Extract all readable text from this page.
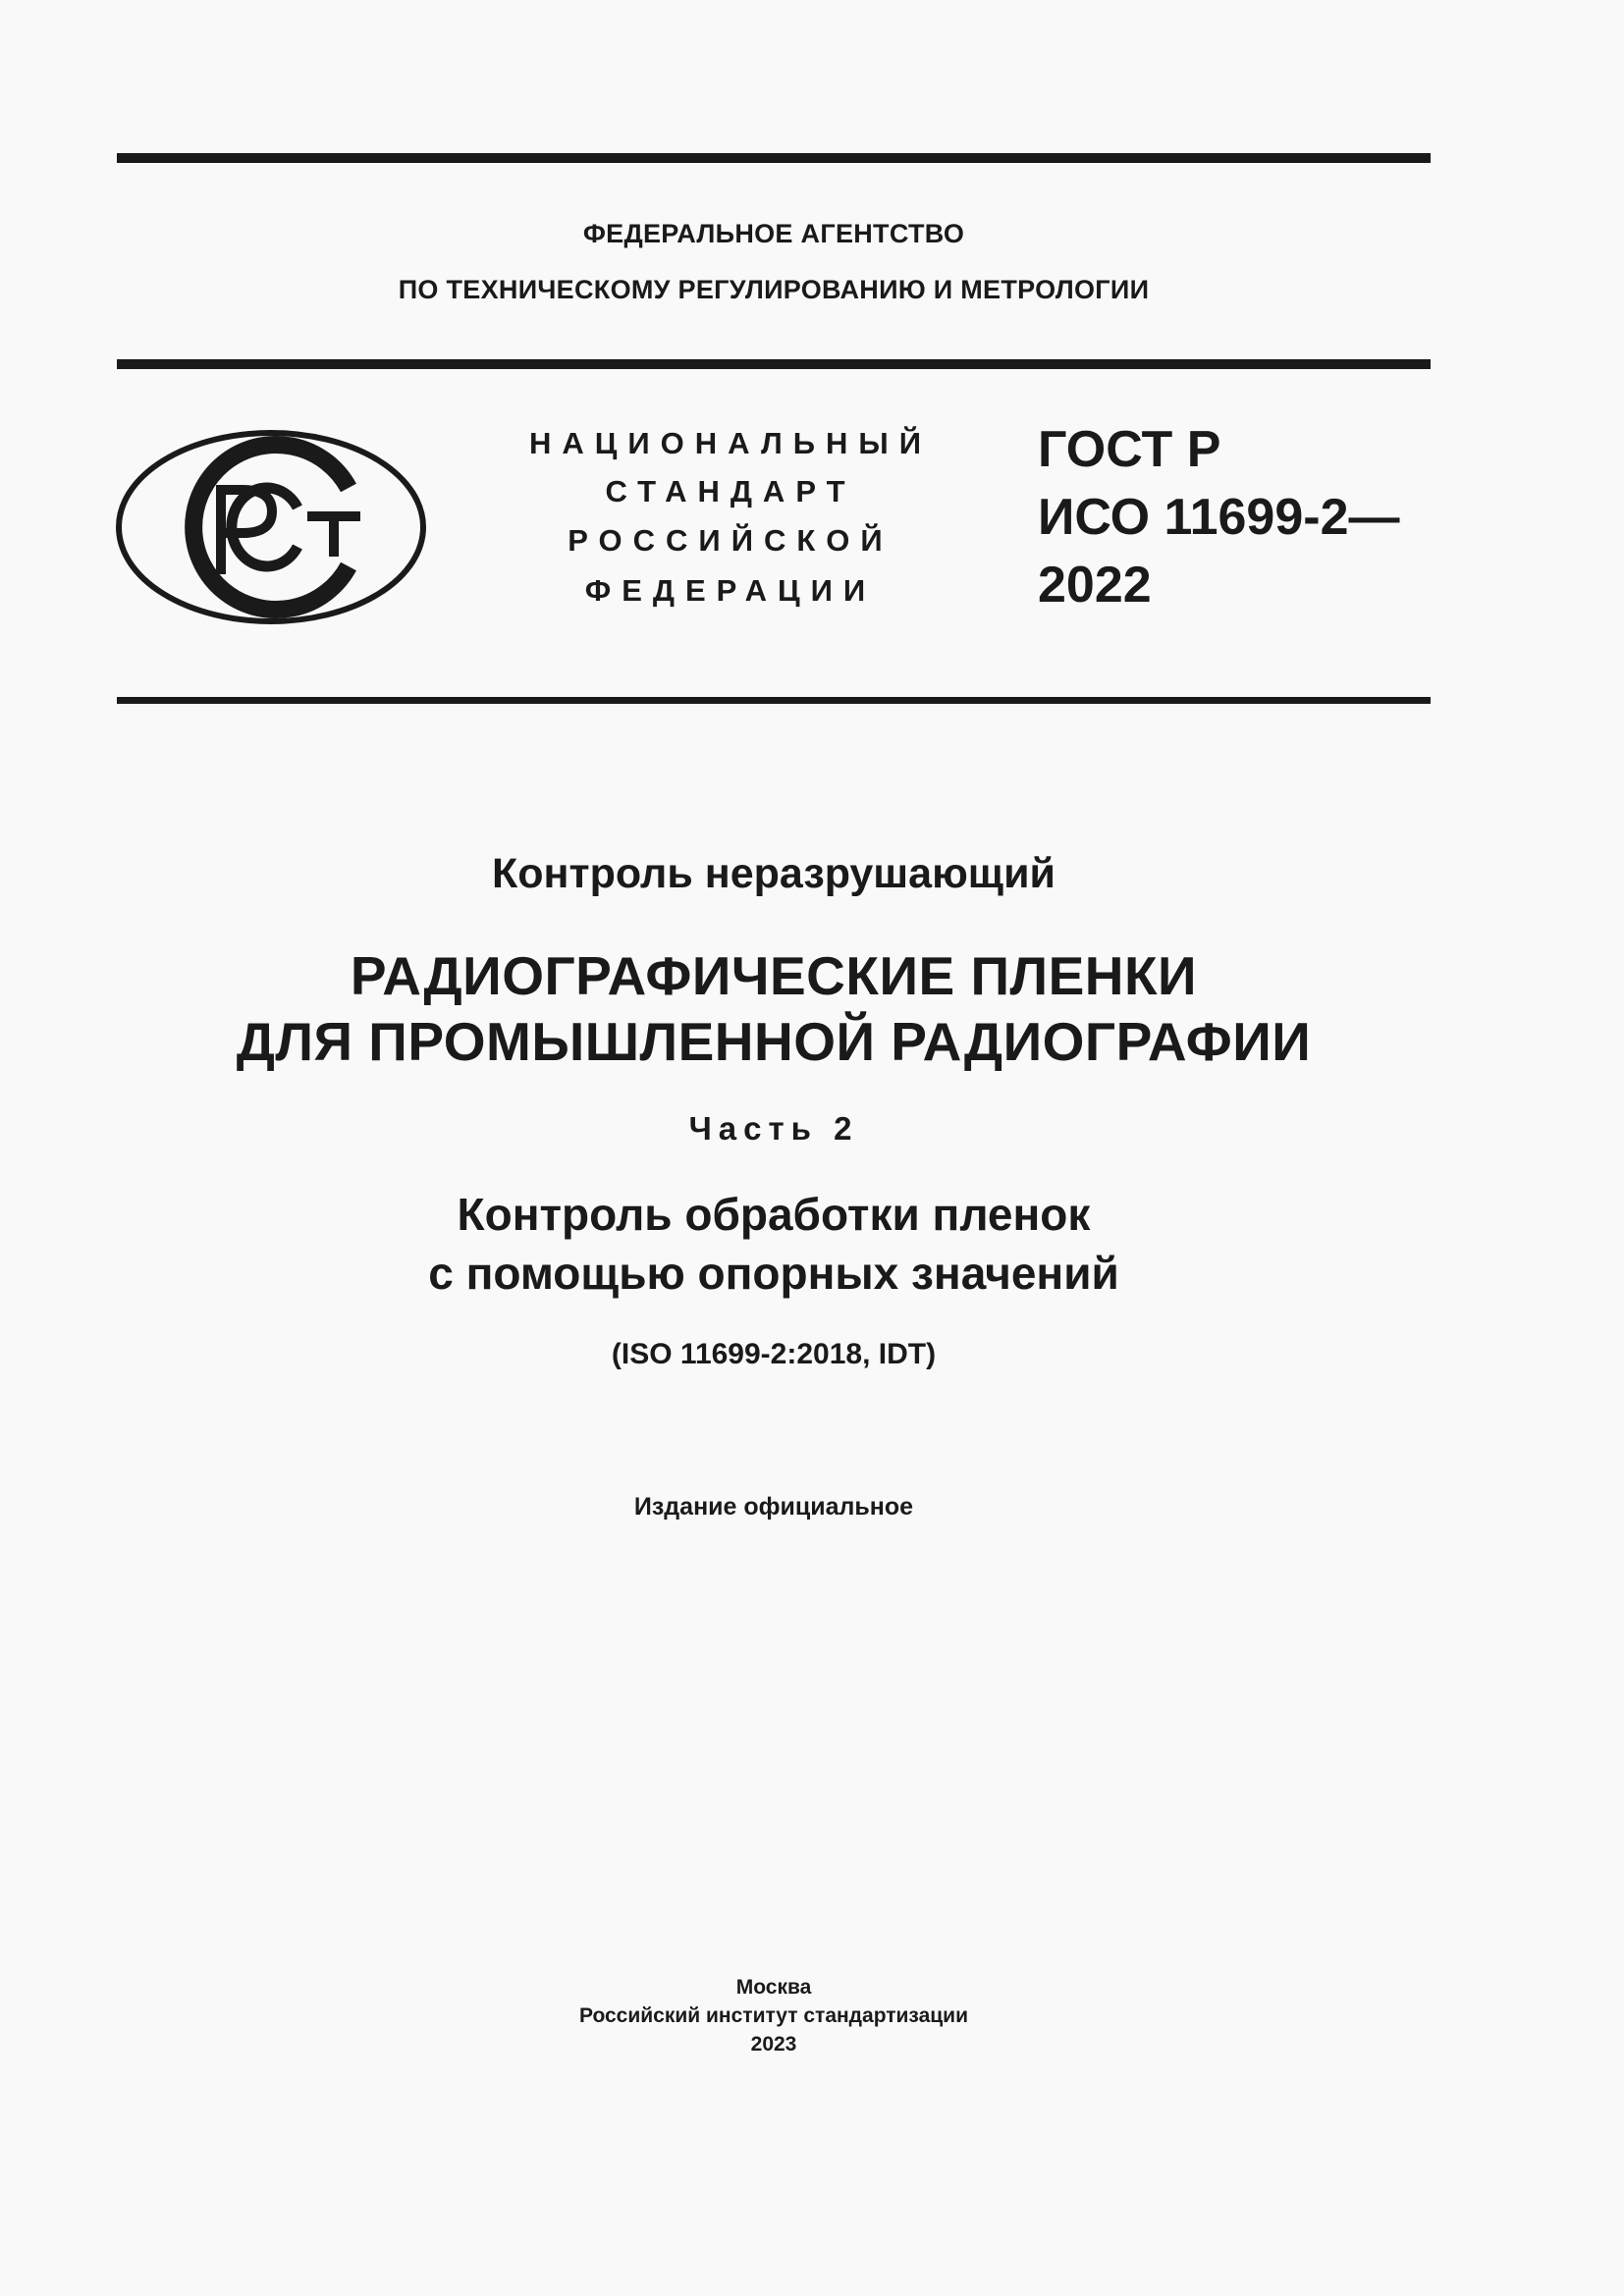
ФЕДЕРАЛЬНОЕ АГЕНТСТВО
ПО ТЕХНИЧЕСКОМУ РЕГУЛИРОВАНИЮ И МЕТРОЛОГИИ
НАЦИОНАЛЬНЫЙ
СТАНДАРТ
РОССИЙСКОЙ
ФЕДЕРАЦИИ
ГОСТ Р
ИСО 11699-2—
2022
Контроль неразрушающий
РАДИОГРАФИЧЕСКИЕ ПЛЕНКИ
ДЛЯ ПРОМЫШЛЕННОЙ РАДИОГРАФИИ
Часть 2
Контроль обработки пленок
с помощью опорных значений
(ISO 11699-2:2018, IDT)
Издание официальное
Москва
Российский институт стандартизации
2023
